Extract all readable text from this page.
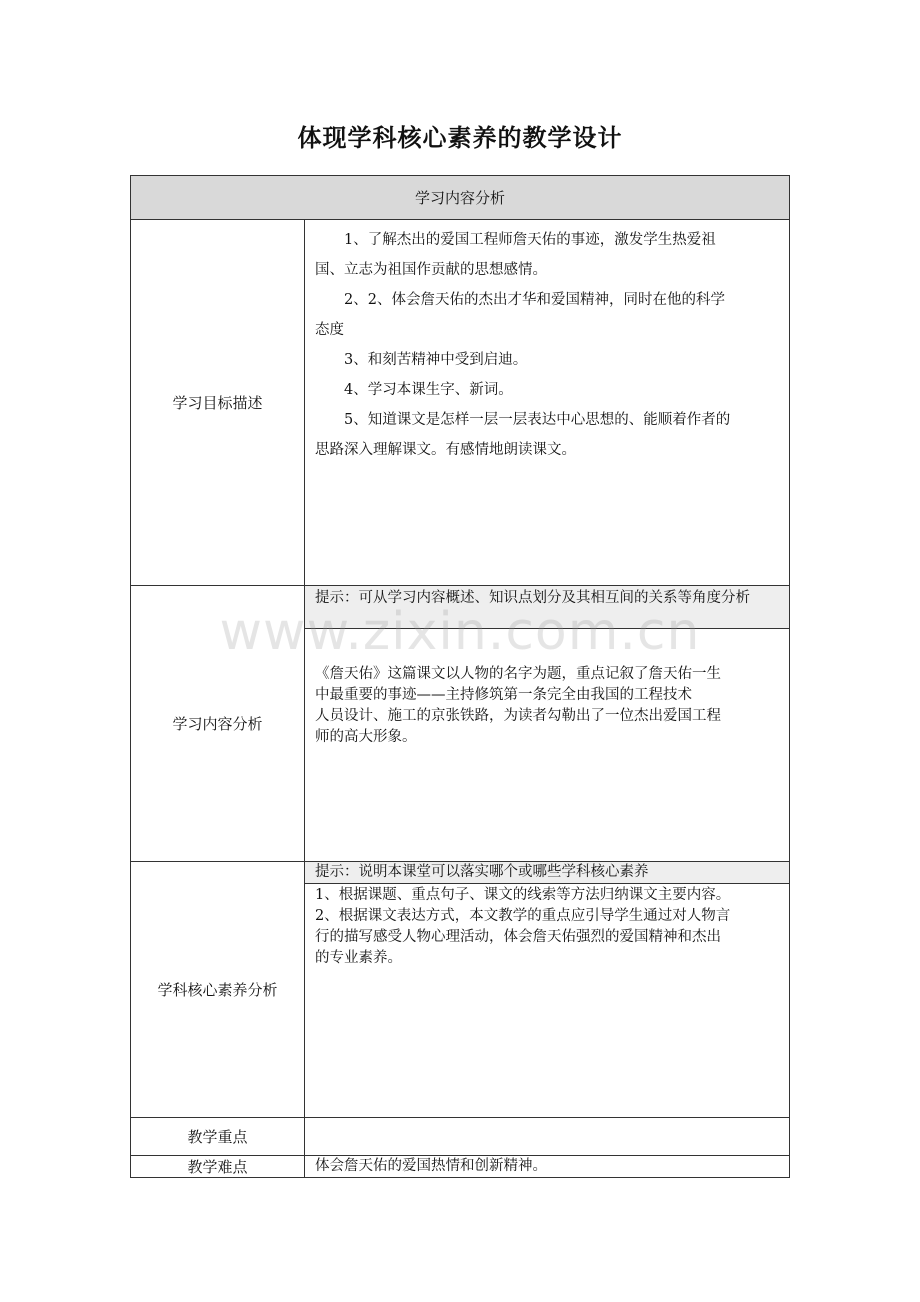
体现学科核心素养的教学设计
学习内容分析
学习目标描述

1、了解杰出的爱国工程师詹天佑的事迹，激发学生热爱祖

国、立志为祖国作贡献的思想感情。

2、2、体会詹天佑的杰出才华和爱国精神，同时在他的科学

态度

3、和刻苦精神中受到启迪。

4、学习本课生字、新词。

5、知道课文是怎样一层一层表达中心思想的、能顺着作者的

思路深入理解课文。有感情地朗读课文。

学习内容分析
提示：可从学习内容概述、知识点划分及其相互间的关系等角度分析

《詹天佑》这篇课文以人物的名字为题，重点记叙了詹天佑一生

中最重要的事迹——主持修筑第一条完全由我国的工程技术

人员设计、施工的京张铁路，为读者勾勒出了一位杰出爱国工程

师的高大形象。

学科核心素养分析
提示：说明本课堂可以落实哪个或哪些学科核心素养

1、根据课题、重点句子、课文的线索等方法归纳课文主要内容。

2、根据课文表达方式，本文教学的重点应引导学生通过对人物言

行的描写感受人物心理活动，体会詹天佑强烈的爱国精神和杰出

的专业素养。

教学重点
教学难点	体会詹天佑的爱国热情和创新精神。
www.zixin.com.cn
